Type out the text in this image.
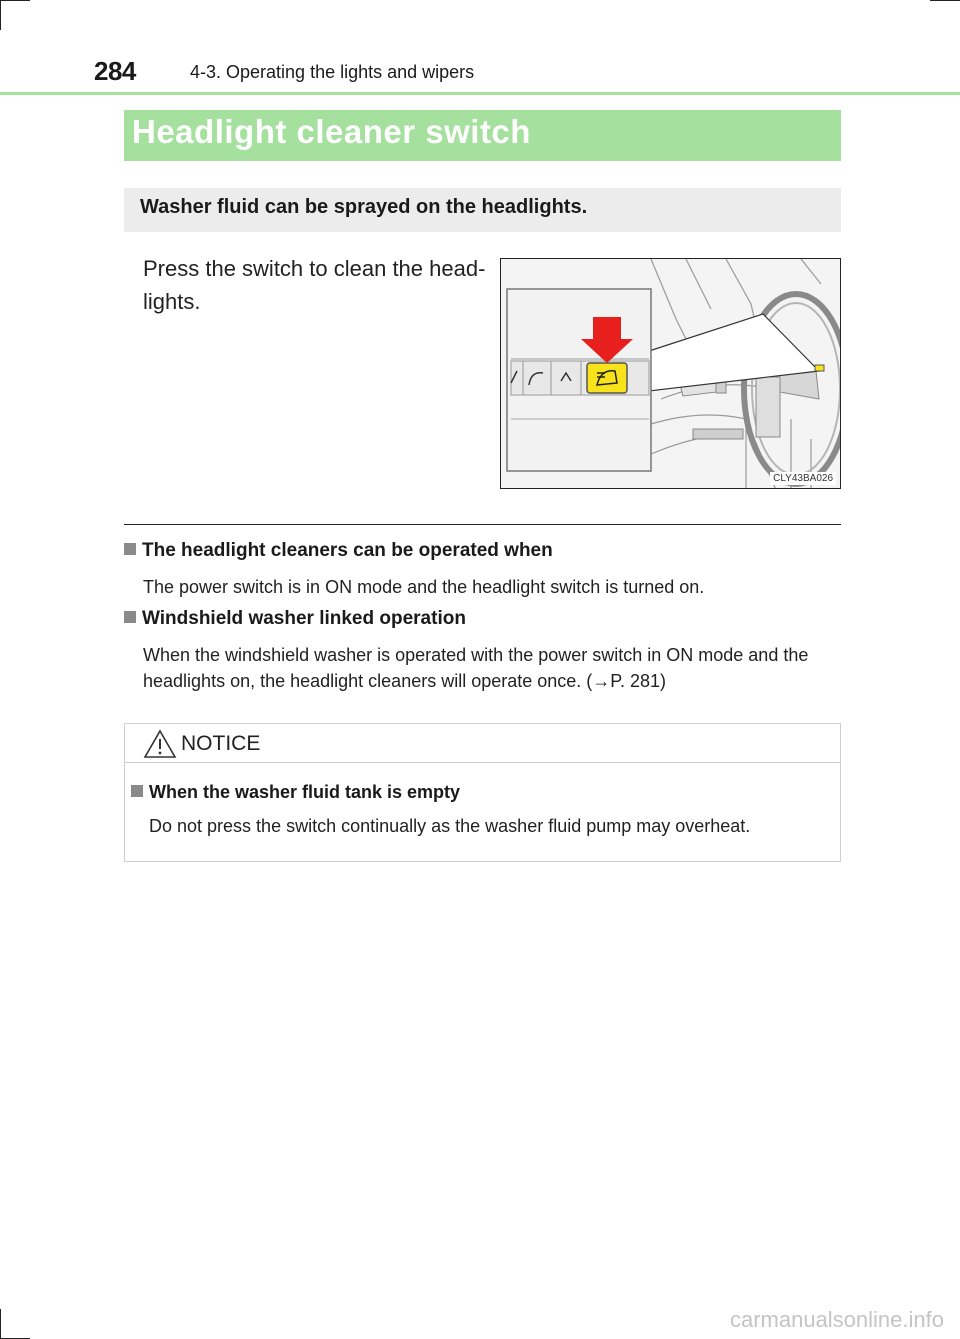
284	4-3. Operating the lights and wipers
Headlight cleaner switch
Washer fluid can be sprayed on the headlights.
Press the switch to clean the head-lights.
CLY43BA026
The headlight cleaners can be operated when
The power switch is in ON mode and the headlight switch is turned on.
Windshield washer linked operation
When the windshield washer is operated with the power switch in ON mode and the
headlights on, the headlight cleaners will operate once. (→P. 281)
NOTICE
When the washer fluid tank is empty
Do not press the switch continually as the washer fluid pump may overheat.
carmanualsonline.info
